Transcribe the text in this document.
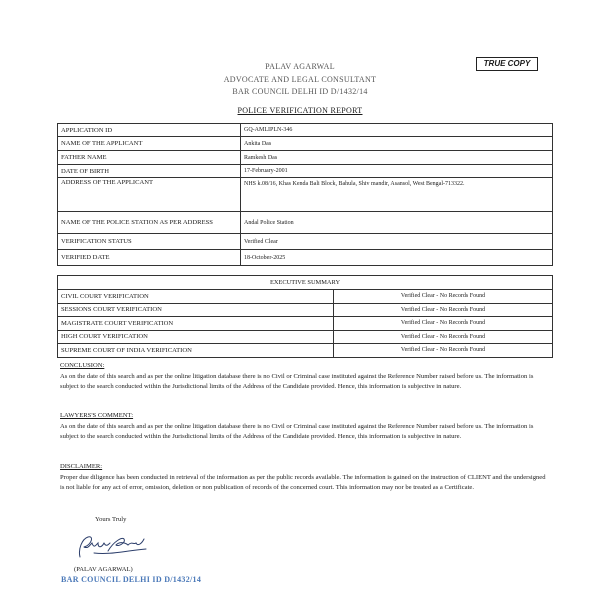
PALAV AGARWAL
ADVOCATE AND LEGAL CONSULTANT
BAR COUNCIL DELHI ID D/1432/14
TRUE COPY
POLICE VERIFICATION REPORT
APPLICATION ID	GQ-AMLIPLN-346
NAME OF THE APPLICANT	Ankita Das
FATHER NAME	Ramkesh Das
DATE OF BIRTH	17-February-2001
ADDRESS OF THE APPLICANT	NHS k.08/16, Khas Kenda Bali Block, Bahula, Shiv mandir, Asansol, West Bengal-713322.
NAME OF THE POLICE STATION AS PER ADDRESS	Andal Police Station
VERIFICATION STATUS	Verified Clear
VERIFIED DATE	18-October-2025
EXECUTIVE SUMMARY	
CIVIL COURT VERIFICATION	Verified Clear - No Records Found
SESSIONS COURT VERIFICATION	Verified Clear - No Records Found
MAGISTRATE COURT VERIFICATION	Verified Clear - No Records Found
HIGH COURT VERIFICATION	Verified Clear - No Records Found
SUPREME COURT OF INDIA VERIFICATION	Verified Clear - No Records Found
CONCLUSION:
As on the date of this search and as per the online litigation database there is no Civil or Criminal case instituted against the Reference Number raised before us. The information is subject to the search conducted within the Jurisdictional limits of the Address of the Candidate provided. Hence, this information is subjective in nature.
LAWYERS'S COMMENT:
As on the date of this search and as per the online litigation database there is no Civil or Criminal case instituted against the Reference Number raised before us. The information is subject to the search conducted within the Jurisdictional limits of the Address of the Candidate provided. Hence, this information is subjective in nature.
DISCLAIMER:
Proper due diligence has been conducted in retrieval of the information as per the public records available. The information is gained on the instruction of CLIENT and the undersigned is not liable for any act of error, omission, deletion or non publication of records of the concerned court. This information may nor be treated as a Certificate.
Yours Truly
(PALAV AGARWAL)
BAR COUNCIL DELHI ID D/1432/14
